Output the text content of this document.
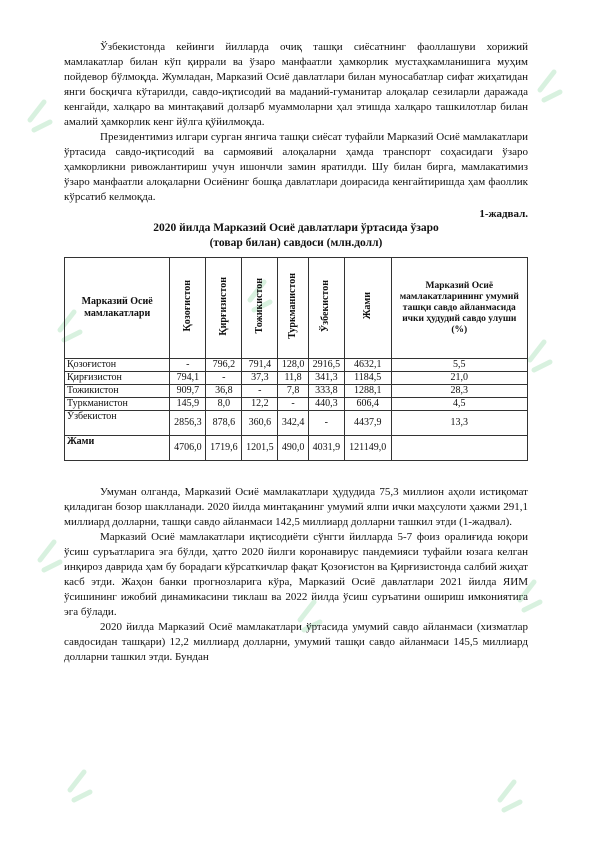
Ўзбекистонда кейинги йилларда очиқ ташқи сиёсатнинг фаоллашуви хорижий мамлакатлар билан кўп қиррали ва ўзаро манфаатли ҳамкорлик мустаҳкамланишига муҳим пойдевор бўлмоқда. Жумладан, Марказий Осиё давлатлари билан муносабатлар сифат жиҳатидан янги босқичга кўтарилди, савдо-иқтисодий ва маданий-гуманитар алоқалар сезиларли даражада кенгайди, халқаро ва минтақавий долзарб муаммоларни ҳал этишда халқаро ташкилотлар билан амалий ҳамкорлик кенг йўлга қўйилмоқда.

Президентимиз илгари сурган янгича ташқи сиёсат туфайли Марказий Осиё мамлакатлари ўртасида савдо-иқтисодий ва сармоявий алоқаларни ҳамда транспорт соҳасидаги ўзаро ҳамкорликни ривожлантириш учун ишончли замин яратилди. Шу билан бирга, мамлакатимиз ўзаро манфаатли алоқаларни Осиёнинг бошқа давлатлари доирасида кенгайтиришда ҳам фаоллик кўрсатиб келмоқда.

1-жадвал.
2020 йилда Марказий Осиё давлатлари ўртасида ўзаро
(товар билан) савдоси (млн.долл)
Марказий Осиё мамлакатлари	Қозоғистон	Қирғизистон	Тожикистон	Туркманистон	Ўзбекистон	Жами	Марказий Осиё мамлакатларининг умумий ташқи савдо айланмасида ички ҳудудий савдо улуши (%)
Қозоғистон	-	796,2	791,4	128,0	2916,5	4632,1	5,5
Қирғизистон	794,1	-	37,3	11,8	341,3	1184,5	21,0
Тожикистон	909,7	36,8	-	7,8	333,8	1288,1	28,3
Туркманистон	145,9	8,0	12,2	-	440,3	606,4	4,5
Ўзбекистон	2856,3	878,6	360,6	342,4	-	4437,9	13,3
Жами	4706,0	1719,6	1201,5	490,0	4031,9	121149,0	

Умуман олганда, Марказий Осиё мамлакатлари ҳудудида 75,3 миллион аҳоли истиқомат қиладиган бозор шаклланади. 2020 йилда минтақанинг умумий ялпи ички маҳсулоти ҳажми 291,1 миллиард долларни, ташқи савдо айланмаси 142,5 миллиард долларни ташкил этди (1-жадвал).

Марказий Осиё мамлакатлари иқтисодиёти сўнгги йилларда 5-7 фоиз оралиғида юқори ўсиш суръатларига эга бўлди, ҳатто 2020 йилги коронавирус пандемияси туфайли юзага келган инқироз даврида ҳам бу борадаги кўрсаткичлар фақат Қозоғистон ва Қирғизистонда салбий жиҳат касб этди. Жаҳон банки прогнозларига кўра, Марказий Осиё давлатлари 2021 йилда ЯИМ ўсишининг ижобий динамикасини тиклаш ва 2022 йилда ўсиш суръатини ошириш имкониятига эга бўлади.

2020 йилда Марказий Осиё мамлакатлари ўртасида умумий савдо айланмаси (хизматлар савдосидан ташқари) 12,2 миллиард долларни, умумий ташқи савдо айланмаси 145,5 миллиард долларни ташкил этди. Бундан
